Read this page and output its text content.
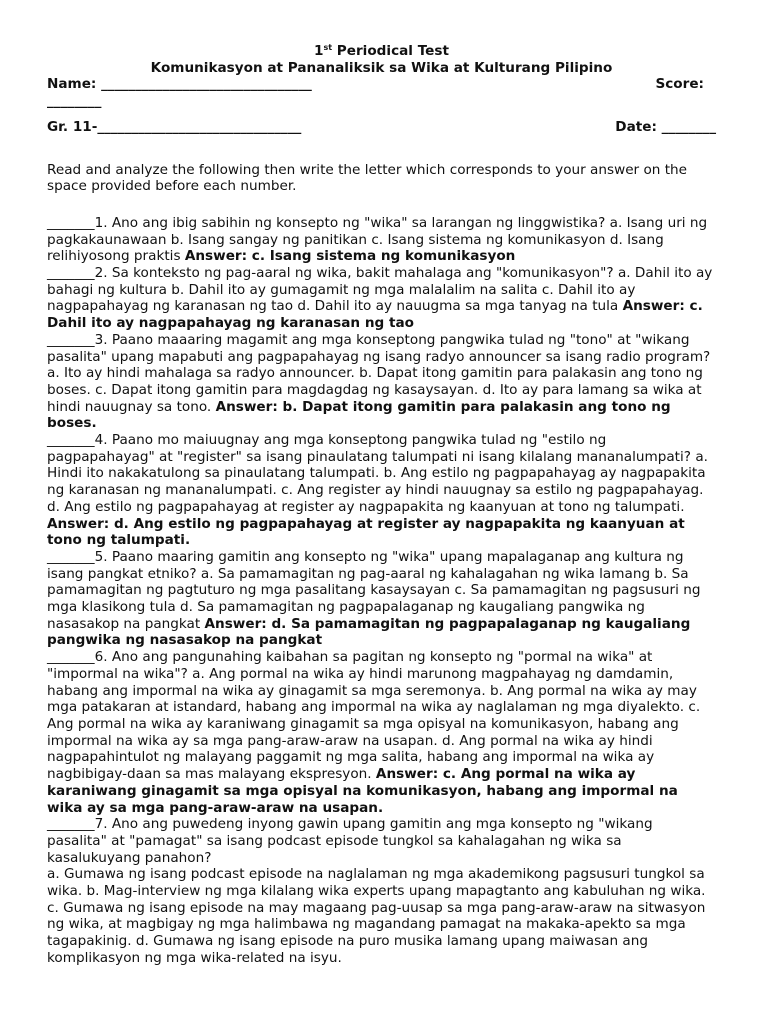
1st Periodical Test
Komunikasyon at Pananaliksik sa Wika at Kulturang Pilipino
Name: _______________________________	Score:
________
Gr. 11-______________________________	Date: ________
Read and analyze the following then write the letter which corresponds to your answer on the space provided before each number.

_______1. Ano ang ibig sabihin ng konsepto ng "wika" sa larangan ng linggwistika? a. Isang uri ng pagkakaunawaan b. Isang sangay ng panitikan c. Isang sistema ng komunikasyon d. Isang relihiyosong praktis Answer: c. Isang sistema ng komunikasyon

_______2. Sa konteksto ng pag-aaral ng wika, bakit mahalaga ang "komunikasyon"? a. Dahil ito ay bahagi ng kultura b. Dahil ito ay gumagamit ng mga malalalim na salita c. Dahil ito ay nagpapahayag ng karanasan ng tao d. Dahil ito ay nauugma sa mga tanyag na tula Answer: c. Dahil ito ay nagpapahayag ng karanasan ng tao

_______3. Paano maaaring magamit ang mga konseptong pangwika tulad ng "tono" at "wikang pasalita" upang mapabuti ang pagpapahayag ng isang radyo announcer sa isang radio program? a. Ito ay hindi mahalaga sa radyo announcer. b. Dapat itong gamitin para palakasin ang tono ng boses. c. Dapat itong gamitin para magdagdag ng kasaysayan. d. Ito ay para lamang sa wika at hindi nauugnay sa tono. Answer: b. Dapat itong gamitin para palakasin ang tono ng boses.

_______4. Paano mo maiuugnay ang mga konseptong pangwika tulad ng "estilo ng pagpapahayag" at "register" sa isang pinaulatang talumpati ni isang kilalang mananalumpati? a. Hindi ito nakakatulong sa pinaulatang talumpati. b. Ang estilo ng pagpapahayag ay nagpapakita ng karanasan ng mananalumpati. c. Ang register ay hindi nauugnay sa estilo ng pagpapahayag. d. Ang estilo ng pagpapahayag at register ay nagpapakita ng kaanyuan at tono ng talumpati. Answer: d. Ang estilo ng pagpapahayag at register ay nagpapakita ng kaanyuan at tono ng talumpati.

_______5. Paano maaring gamitin ang konsepto ng "wika" upang mapalaganap ang kultura ng isang pangkat etniko? a. Sa pamamagitan ng pag-aaral ng kahalagahan ng wika lamang b. Sa pamamagitan ng pagtuturo ng mga pasalitang kasaysayan c. Sa pamamagitan ng pagsusuri ng mga klasikong tula d. Sa pamamagitan ng pagpapalaganap ng kaugaliang pangwika ng nasasakop na pangkat Answer: d. Sa pamamagitan ng pagpapalaganap ng kaugaliang pangwika ng nasasakop na pangkat

_______6. Ano ang pangunahing kaibahan sa pagitan ng konsepto ng "pormal na wika" at "impormal na wika"? a. Ang pormal na wika ay hindi marunong magpahayag ng damdamin, habang ang impormal na wika ay ginagamit sa mga seremonya. b. Ang pormal na wika ay may mga patakaran at istandard, habang ang impormal na wika ay naglalaman ng mga diyalekto. c. Ang pormal na wika ay karaniwang ginagamit sa mga opisyal na komunikasyon, habang ang impormal na wika ay sa mga pang-araw-araw na usapan. d. Ang pormal na wika ay hindi nagpapahintulot ng malayang paggamit ng mga salita, habang ang impormal na wika ay nagbibigay-daan sa mas malayang ekspresyon. Answer: c. Ang pormal na wika ay karaniwang ginagamit sa mga opisyal na komunikasyon, habang ang impormal na wika ay sa mga pang-araw-araw na usapan.

_______7. Ano ang puwedeng inyong gawin upang gamitin ang mga konsepto ng "wikang pasalita" at "pamagat" sa isang podcast episode tungkol sa kahalagahan ng wika sa kasalukuyang panahon?

a. Gumawa ng isang podcast episode na naglalaman ng mga akademikong pagsusuri tungkol sa wika. b. Mag-interview ng mga kilalang wika experts upang mapagtanto ang kabuluhan ng wika. c. Gumawa ng isang episode na may magaang pag-uusap sa mga pang-araw-araw na sitwasyon ng wika, at magbigay ng mga halimbawa ng magandang pamagat na makaka-apekto sa mga tagapakinig. d. Gumawa ng isang episode na puro musika lamang upang maiwasan ang komplikasyon ng mga wika-related na isyu.
